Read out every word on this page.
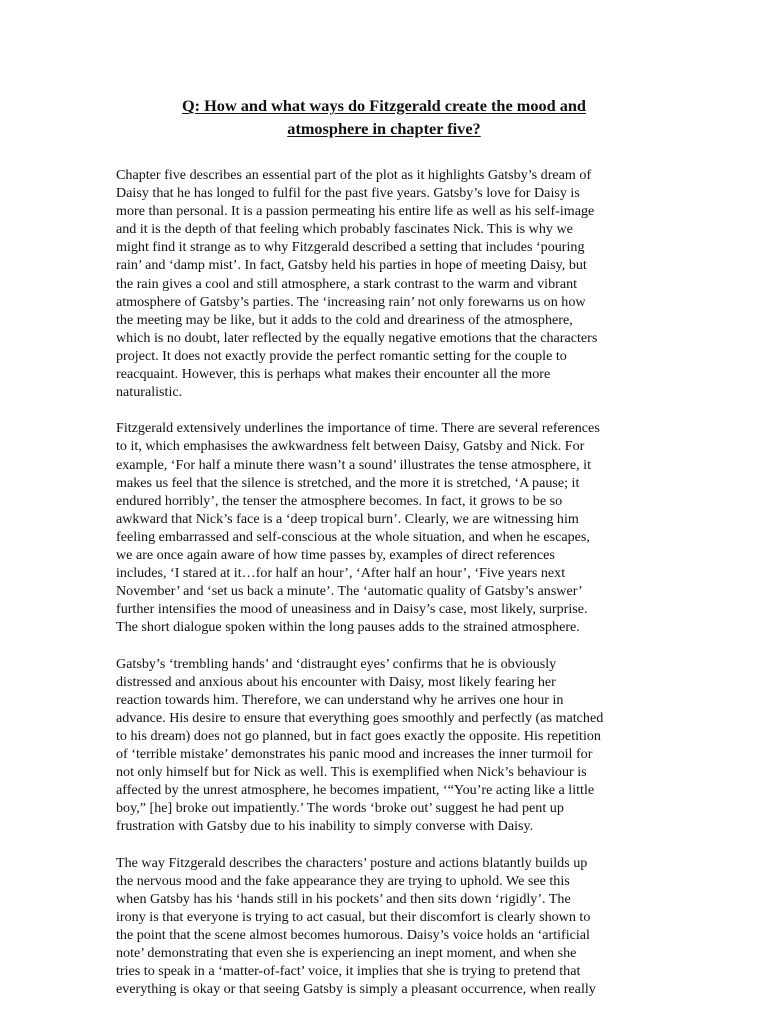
Q: How and what ways do Fitzgerald create the mood and
atmosphere in chapter five?

Chapter five describes an essential part of the plot as it highlights Gatsby’s dream of
Daisy that he has longed to fulfil for the past five years. Gatsby’s love for Daisy is
more than personal. It is a passion permeating his entire life as well as his self-image
and it is the depth of that feeling which probably fascinates Nick. This is why we
might find it strange as to why Fitzgerald described a setting that includes ‘pouring
rain’ and ‘damp mist’. In fact, Gatsby held his parties in hope of meeting Daisy, but
the rain gives a cool and still atmosphere, a stark contrast to the warm and vibrant
atmosphere of Gatsby’s parties. The ‘increasing rain’ not only forewarns us on how
the meeting may be like, but it adds to the cold and dreariness of the atmosphere,
which is no doubt, later reflected by the equally negative emotions that the characters
project. It does not exactly provide the perfect romantic setting for the couple to
reacquaint. However, this is perhaps what makes their encounter all the more
naturalistic.

Fitzgerald extensively underlines the importance of time. There are several references
to it, which emphasises the awkwardness felt between Daisy, Gatsby and Nick. For
example, ‘For half a minute there wasn’t a sound’ illustrates the tense atmosphere, it
makes us feel that the silence is stretched, and the more it is stretched, ‘A pause; it
endured horribly’, the tenser the atmosphere becomes. In fact, it grows to be so
awkward that Nick’s face is a ‘deep tropical burn’. Clearly, we are witnessing him
feeling embarrassed and self-conscious at the whole situation, and when he escapes,
we are once again aware of how time passes by, examples of direct references
includes, ‘I stared at it…for half an hour’, ‘After half an hour’, ‘Five years next
November’ and ‘set us back a minute’. The ‘automatic quality of Gatsby’s answer’
further intensifies the mood of uneasiness and in Daisy’s case, most likely, surprise.
The short dialogue spoken within the long pauses adds to the strained atmosphere.

Gatsby’s ‘trembling hands’ and ‘distraught eyes’ confirms that he is obviously
distressed and anxious about his encounter with Daisy, most likely fearing her
reaction towards him. Therefore, we can understand why he arrives one hour in
advance. His desire to ensure that everything goes smoothly and perfectly (as matched
to his dream) does not go planned, but in fact goes exactly the opposite. His repetition
of ‘terrible mistake’ demonstrates his panic mood and increases the inner turmoil for
not only himself but for Nick as well. This is exemplified when Nick’s behaviour is
affected by the unrest atmosphere, he becomes impatient, ‘“You’re acting like a little
boy,” [he] broke out impatiently.’ The words ‘broke out’ suggest he had pent up
frustration with Gatsby due to his inability to simply converse with Daisy.

The way Fitzgerald describes the characters’ posture and actions blatantly builds up
the nervous mood and the fake appearance they are trying to uphold. We see this
when Gatsby has his ‘hands still in his pockets’ and then sits down ‘rigidly’. The
irony is that everyone is trying to act casual, but their discomfort is clearly shown to
the point that the scene almost becomes humorous. Daisy’s voice holds an ‘artificial
note’ demonstrating that even she is experiencing an inept moment, and when she
tries to speak in a ‘matter-of-fact’ voice, it implies that she is trying to pretend that
everything is okay or that seeing Gatsby is simply a pleasant occurrence, when really
